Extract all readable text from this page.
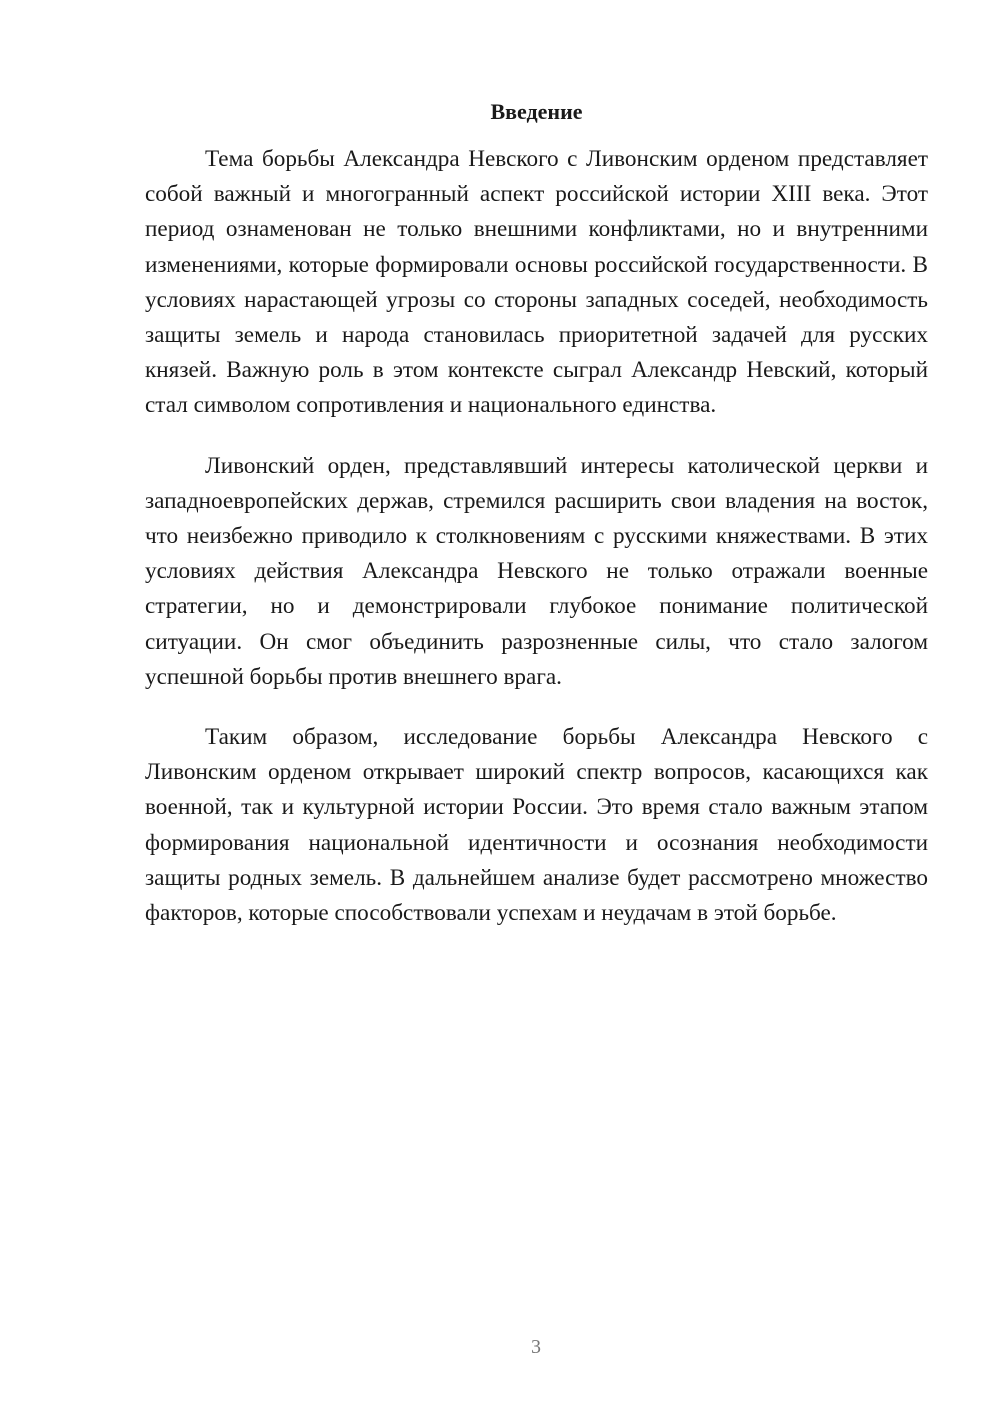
Введение

Тема борьбы Александра Невского с Ливонским орденом представляет собой важный и многогранный аспект российской истории XIII века. Этот период ознаменован не только внешними конфликтами, но и внутренними изменениями, которые формировали основы российской государственности. В условиях нарастающей угрозы со стороны западных соседей, необходимость защиты земель и народа становилась приоритетной задачей для русских князей. Важную роль в этом контексте сыграл Александр Невский, который стал символом сопротивления и национального единства.

Ливонский орден, представлявший интересы католической церкви и западноевропейских держав, стремился расширить свои владения на восток, что неизбежно приводило к столкновениям с русскими княжествами. В этих условиях действия Александра Невского не только отражали военные стратегии, но и демонстрировали глубокое понимание политической ситуации. Он смог объединить разрозненные силы, что стало залогом успешной борьбы против внешнего врага.

Таким образом, исследование борьбы Александра Невского с Ливонским орденом открывает широкий спектр вопросов, касающихся как военной, так и культурной истории России. Это время стало важным этапом формирования национальной идентичности и осознания необходимости защиты родных земель. В дальнейшем анализе будет рассмотрено множество факторов, которые способствовали успехам и неудачам в этой борьбе.

3
